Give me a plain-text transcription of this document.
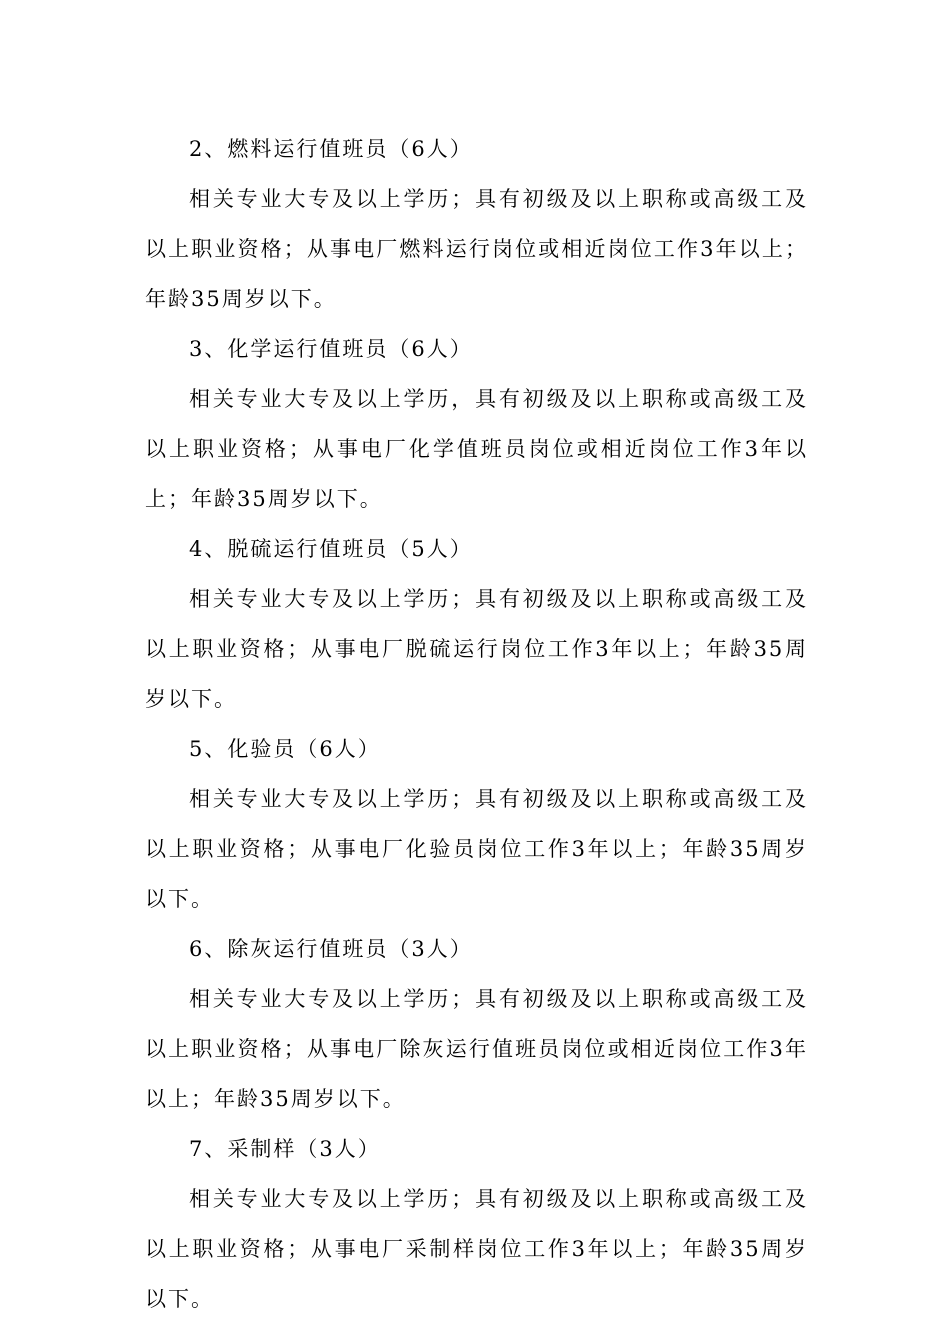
2、燃料运行值班员（6人）

相关专业大专及以上学历；具有初级及以上职称或高级工及以上职业资格；从事电厂燃料运行岗位或相近岗位工作3年以上；年龄35周岁以下。

3、化学运行值班员（6人）

相关专业大专及以上学历，具有初级及以上职称或高级工及以上职业资格；从事电厂化学值班员岗位或相近岗位工作3年以上；年龄35周岁以下。

4、脱硫运行值班员（5人）

相关专业大专及以上学历；具有初级及以上职称或高级工及以上职业资格；从事电厂脱硫运行岗位工作3年以上；年龄35周岁以下。

5、化验员（6人）

相关专业大专及以上学历；具有初级及以上职称或高级工及以上职业资格；从事电厂化验员岗位工作3年以上；年龄35周岁以下。

6、除灰运行值班员（3人）

相关专业大专及以上学历；具有初级及以上职称或高级工及以上职业资格；从事电厂除灰运行值班员岗位或相近岗位工作3年以上；年龄35周岁以下。

7、采制样（3人）

相关专业大专及以上学历；具有初级及以上职称或高级工及以上职业资格；从事电厂采制样岗位工作3年以上；年龄35周岁以下。
